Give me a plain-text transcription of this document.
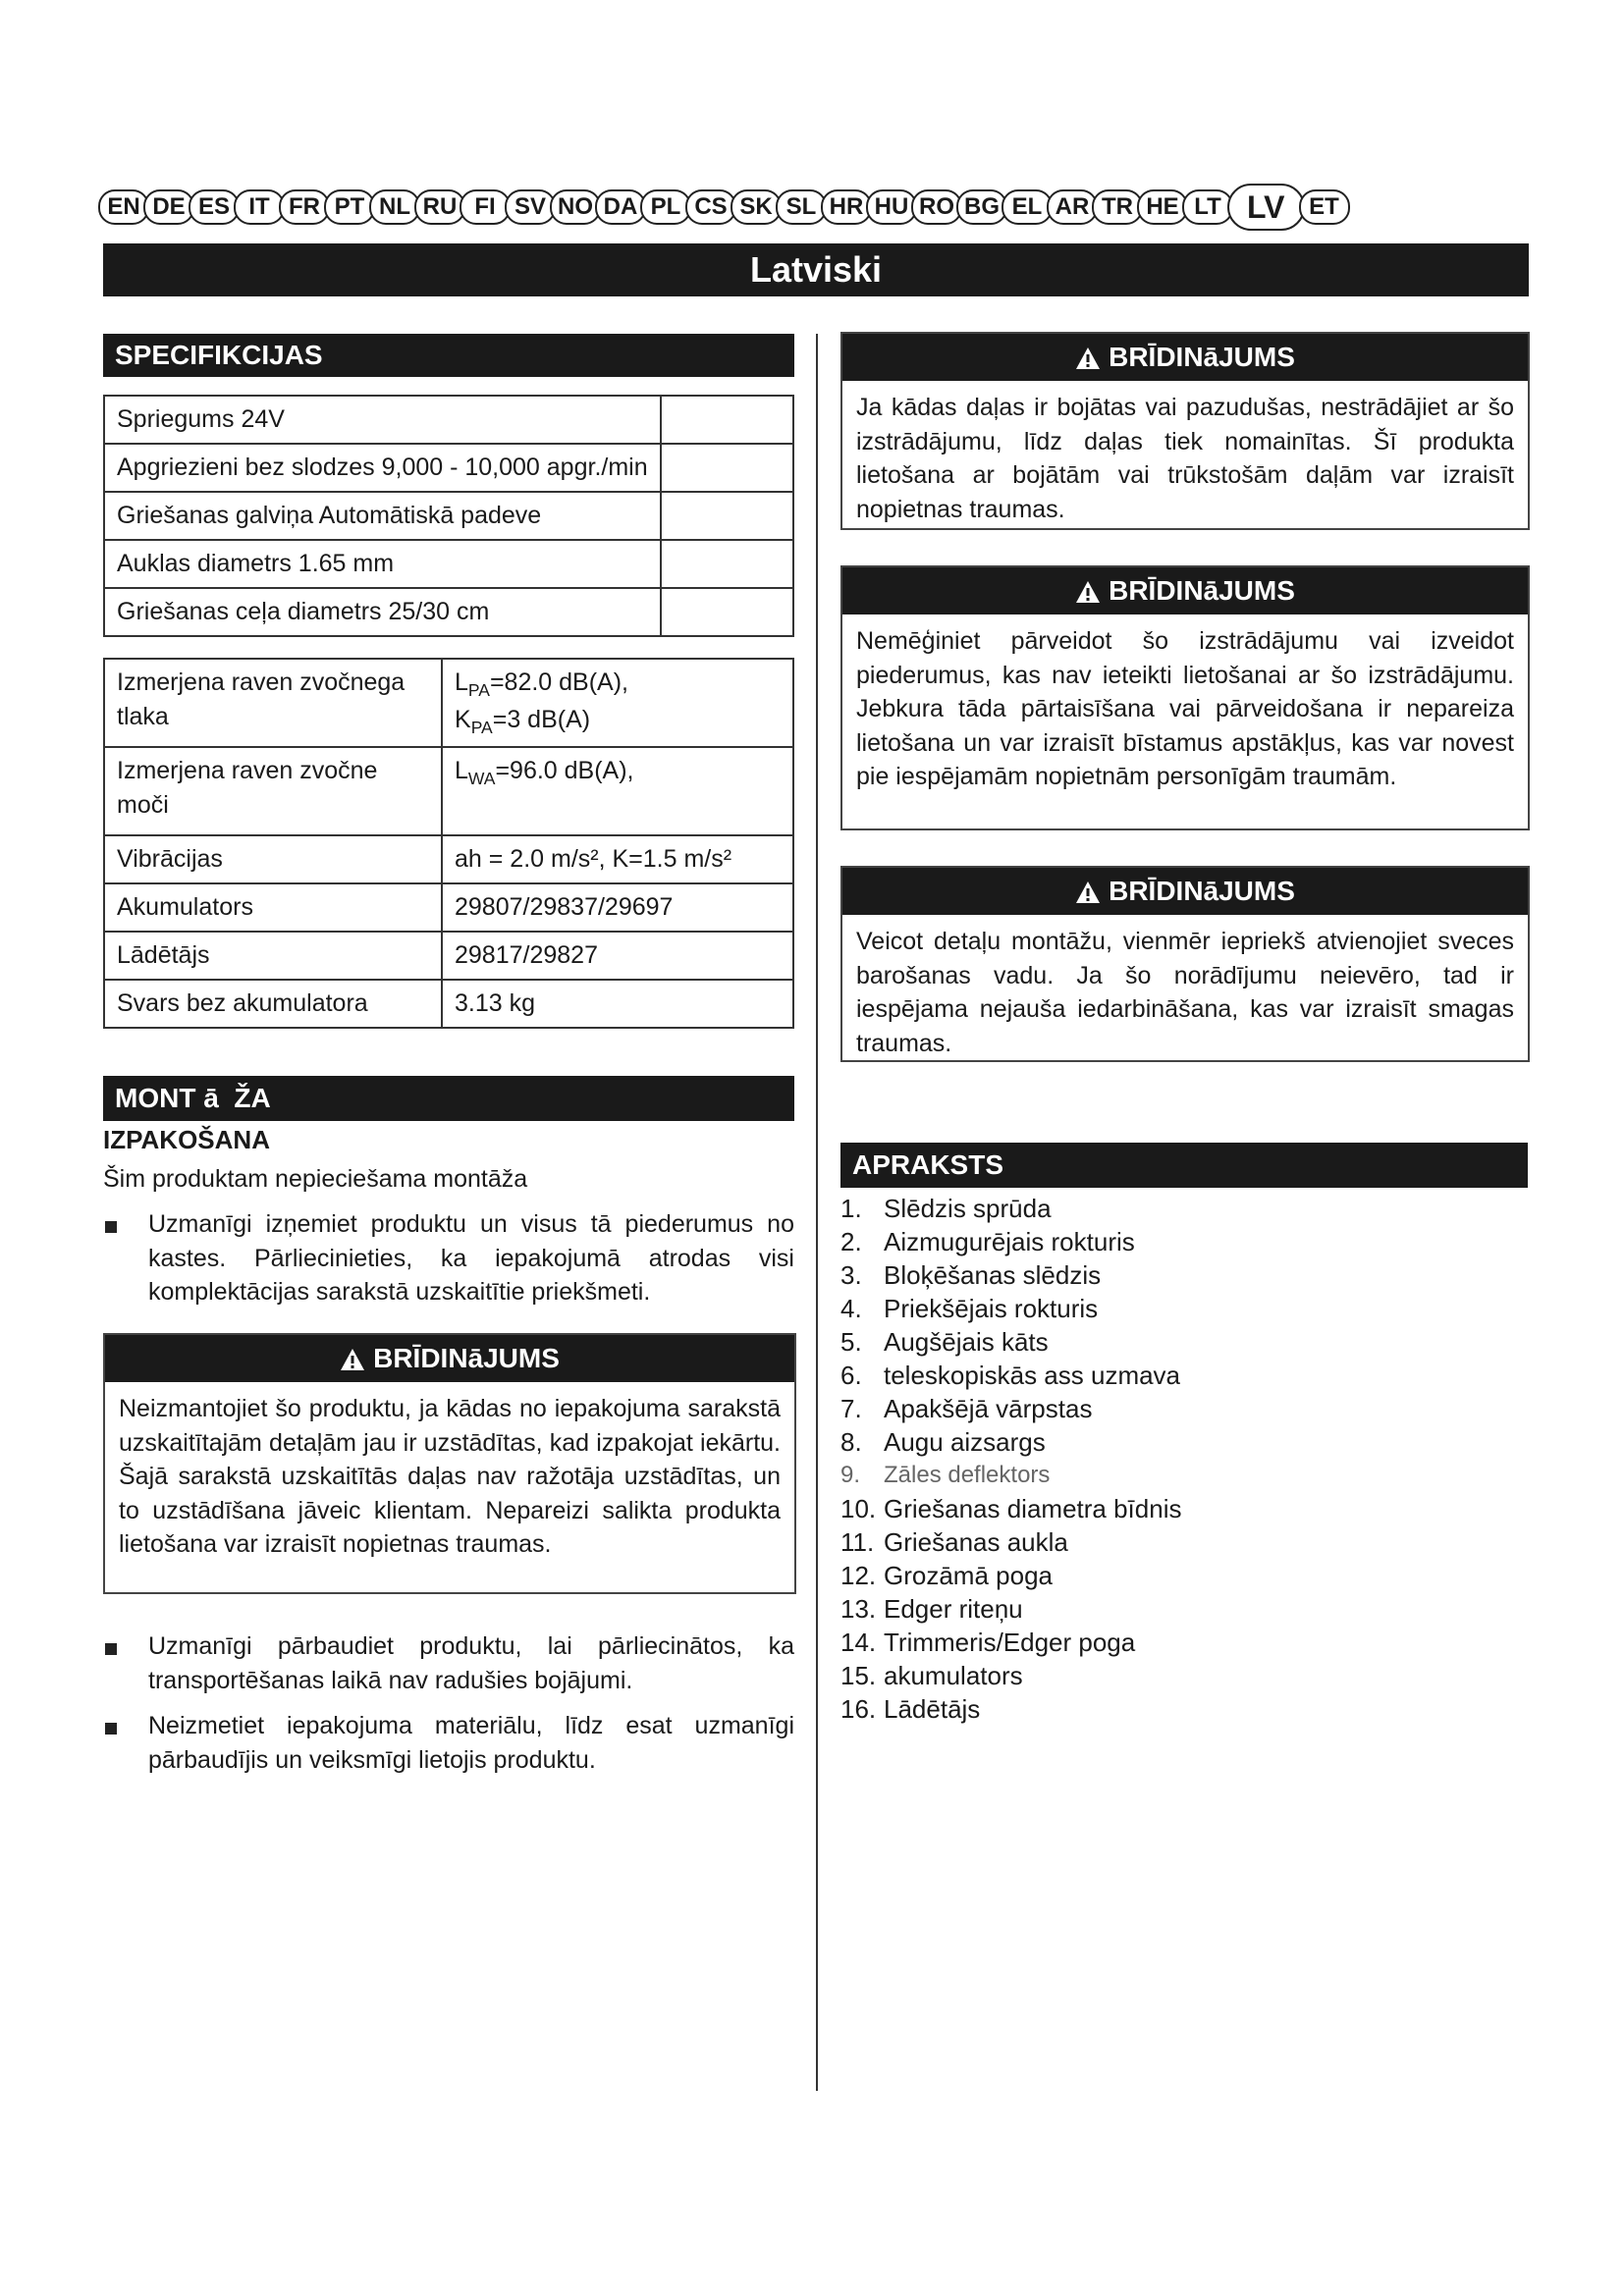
EN DE ES IT FR PT NL RU FI SV NO DA PL CS SK SL HR HU RO BG EL AR TR HE LT LV	ET
Latviski
SPECIFIKCIJAS
Spriegums 24V	
Apgriezieni bez slodzes 9,000 - 10,000 apgr./min	
Griešanas galviņa Automātiskā padeve	
Auklas diametrs 1.65 mm	
Griešanas ceļa diametrs 25/30 cm	
Izmerjena raven zvočnega tlaka	$L_{PA}=82.0$ dB(A),
$K_{PA}=3$ dB(A)

Izmerjena raven zvočne moči	$L_{WA}=96.0$ dB(A),
Vibrācijas	ah = 2.0 m/s², K=1.5 m/s²
Akumulators	29807/29837/29697
Lādētājs	29817/29827
Svars bez akumulatora	3.13 kg
MONT ā  ŽA
IZPAKOŠANA
Šim produktam nepieciešama montāža
Uzmanīgi izņemiet produktu un visus tā piederumus no kastes. Pārliecinieties, ka iepakojumā atrodas visi komplektācijas sarakstā uzskaitītie priekšmeti.
BRĪDINāJUMS
Neizmantojiet šo produktu, ja kādas no iepakojuma sarakstā uzskaitītajām detaļām jau ir uzstādītas, kad izpakojat iekārtu. Šajā sarakstā uzskaitītās daļas nav ražotāja uzstādītas, un to uzstādīšana jāveic klientam. Nepareizi salikta produkta lietošana var izraisīt nopietnas traumas.
Uzmanīgi pārbaudiet produktu, lai pārliecinātos, ka transportēšanas laikā nav radušies bojājumi.
Neizmetiet iepakojuma materiālu, līdz esat uzmanīgi pārbaudījis un veiksmīgi lietojis produktu.
BRĪDINāJUMS
Ja kādas daļas ir bojātas vai pazudušas, nestrādājiet ar šo izstrādājumu, līdz daļas tiek nomainītas. Šī produkta lietošana ar bojātām vai trūkstošām daļām var izraisīt nopietnas traumas.
BRĪDINāJUMS
Nemēģiniet pārveidot šo izstrādājumu vai izveidot piederumus, kas nav ieteikti lietošanai ar šo izstrādājumu. Jebkura tāda pārtaisīšana vai pārveidošana ir nepareiza lietošana un var izraisīt bīstamus apstākļus, kas var novest pie iespējamām nopietnām personīgām traumām.
BRĪDINāJUMS
Veicot detaļu montāžu, vienmēr iepriekš atvienojiet sveces barošanas vadu. Ja šo norādījumu neievēro, tad ir iespējama nejauša iedarbināšana, kas var izraisīt smagas traumas.
APRAKSTS
1. Slēdzis sprūda
2. Aizmugurējais rokturis
3. Bloķēšanas slēdzis
4. Priekšējais rokturis
5. Augšējais kāts
6. teleskopiskās ass uzmava
7. Apakšējā vārpstas
8. Augu aizsargs
9. Zāles deflektors
10. Griešanas diametra bīdnis
11. Griešanas aukla
12. Grozāmā poga
13. Edger riteņu
14. Trimmeris/Edger poga
15. akumulators
16. Lādētājs
